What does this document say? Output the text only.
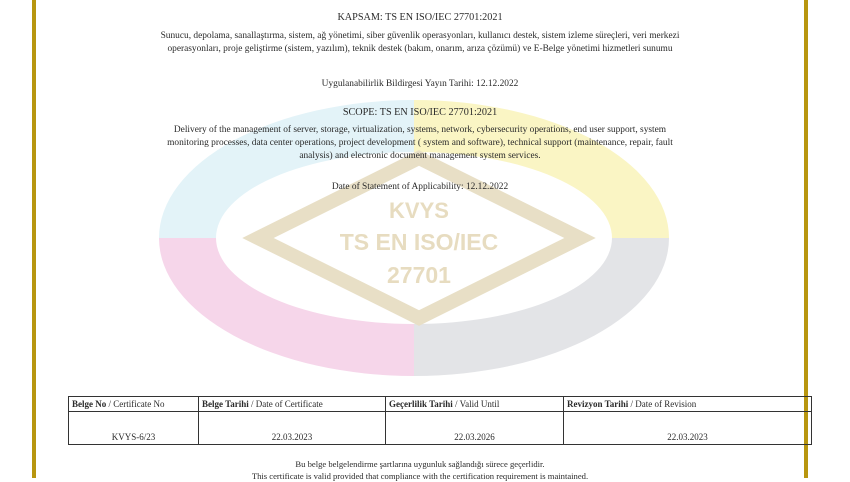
KVYS
TS EN ISO/IEC
27701
KAPSAM: TS EN ISO/IEC 27701:2021
Sunucu, depolama, sanallaştırma, sistem, ağ yönetimi, siber güvenlik operasyonları, kullanıcı destek, sistem izleme süreçleri, veri merkezi
operasyonları, proje geliştirme (sistem, yazılım), teknik destek (bakım, onarım, arıza çözümü) ve E-Belge yönetimi hizmetleri sunumu
Uygulanabilirlik Bildirgesi Yayın Tarihi: 12.12.2022
SCOPE: TS EN ISO/IEC 27701:2021
Delivery of the management of server, storage, virtualization, systems, network, cybersecurity operations, end user support, system
monitoring processes, data center operations, project development ( system and software), technical support (maintenance, repair, fault
analysis) and electronic document management system services.
Date of Statement of Applicability: 12.12.2022
Belge No / Certificate No	Belge Tarihi / Date of Certificate	Geçerlilik Tarihi / Valid Until	Revizyon Tarihi / Date of Revision
KVYS-6/23	22.03.2023	22.03.2026	22.03.2023
Bu belge belgelendirme şartlarına uygunluk sağlandığı sürece geçerlidir.
This certificate is valid provided that compliance with the certification requirement is maintained.
